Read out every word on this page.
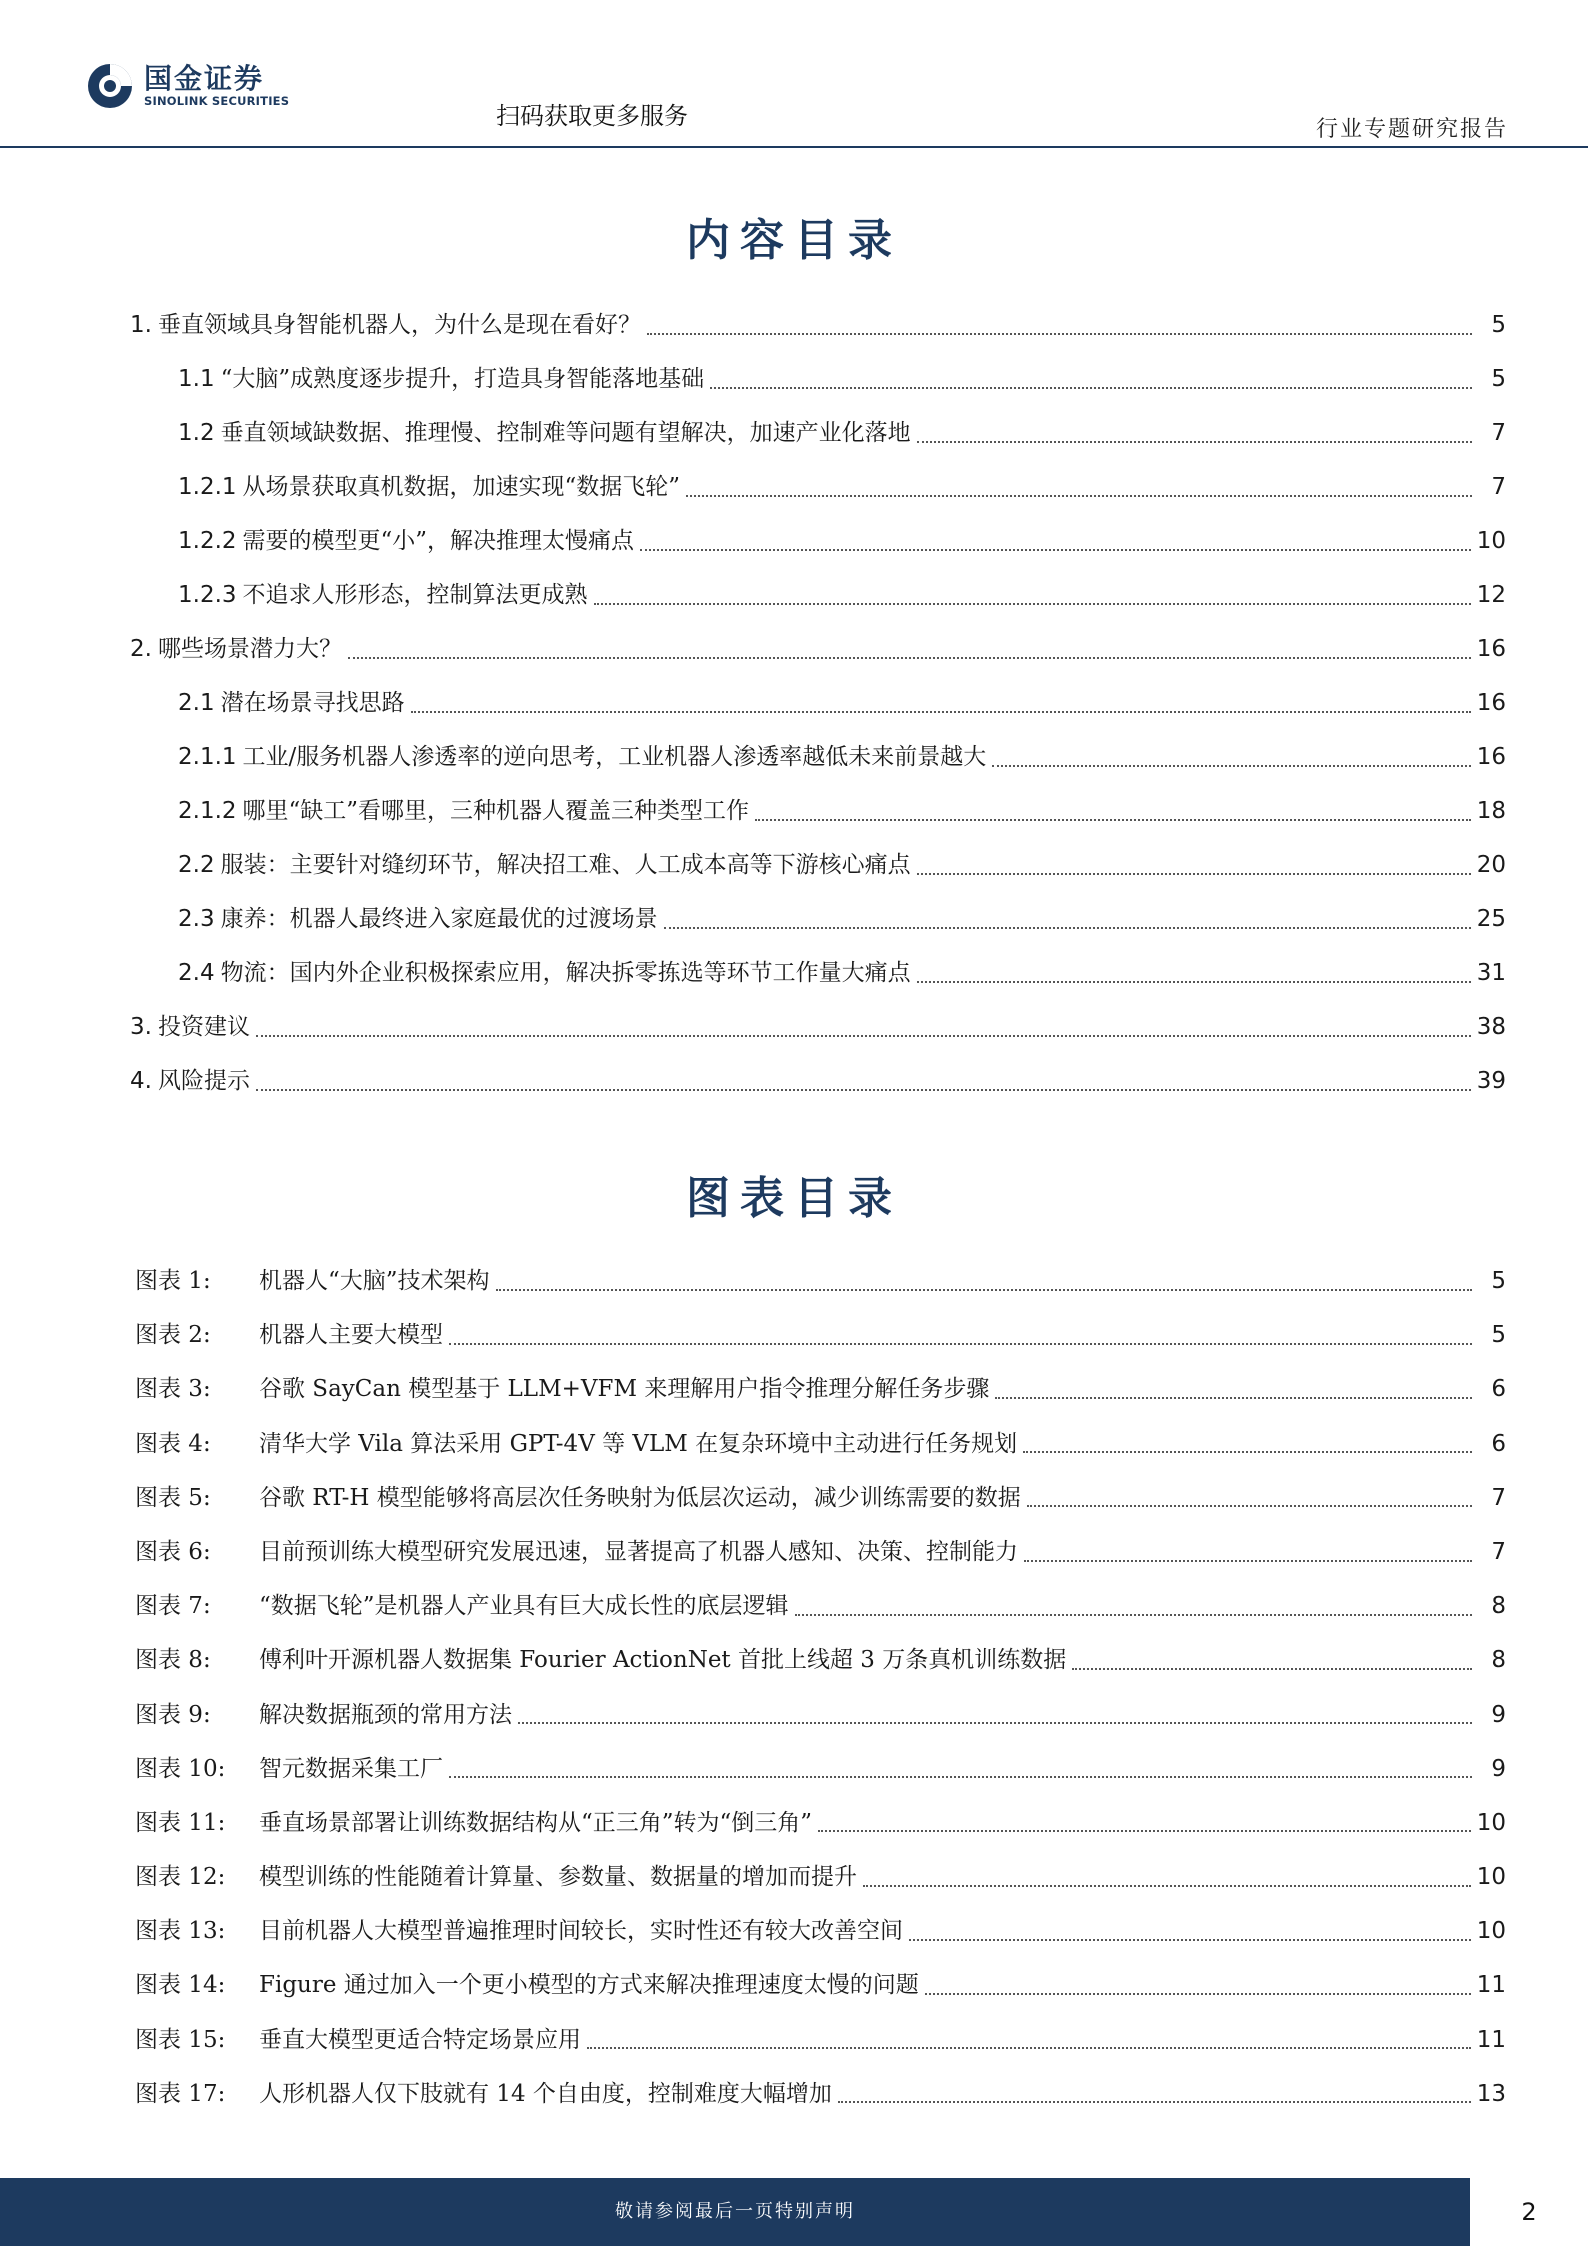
国金证券
SINOLINK SECURITIES
扫码获取更多服务	行业专题研究报告
内容目录
1. 垂直领域具身智能机器人，为什么是现在看好？	5
1.1 “大脑”成熟度逐步提升，打造具身智能落地基础	5
1.2 垂直领域缺数据、推理慢、控制难等问题有望解决，加速产业化落地	7
1.2.1 从场景获取真机数据，加速实现“数据飞轮”	7
1.2.2 需要的模型更“小”，解决推理太慢痛点	10
1.2.3 不追求人形形态，控制算法更成熟	12
2. 哪些场景潜力大？	16
2.1 潜在场景寻找思路	16
2.1.1 工业/服务机器人渗透率的逆向思考，工业机器人渗透率越低未来前景越大	16
2.1.2 哪里“缺工”看哪里，三种机器人覆盖三种类型工作	18
2.2 服装：主要针对缝纫环节，解决招工难、人工成本高等下游核心痛点	20
2.3 康养：机器人最终进入家庭最优的过渡场景	25
2.4 物流：国内外企业积极探索应用，解决拆零拣选等环节工作量大痛点	31
3. 投资建议	38
4. 风险提示	39
图表目录
图表 1:	机器人“大脑”技术架构	5
图表 2:	机器人主要大模型	5
图表 3:	谷歌 SayCan 模型基于 LLM+VFM 来理解用户指令推理分解任务步骤	6
图表 4:	清华大学 Vila 算法采用 GPT-4V 等 VLM 在复杂环境中主动进行任务规划	6
图表 5:	谷歌 RT-H 模型能够将高层次任务映射为低层次运动，减少训练需要的数据	7
图表 6:	目前预训练大模型研究发展迅速，显著提高了机器人感知、决策、控制能力	7
图表 7:	“数据飞轮”是机器人产业具有巨大成长性的底层逻辑	8
图表 8:	傅利叶开源机器人数据集 Fourier ActionNet 首批上线超 3 万条真机训练数据	8
图表 9:	解决数据瓶颈的常用方法	9
图表 10:	智元数据采集工厂	9
图表 11:	垂直场景部署让训练数据结构从“正三角”转为“倒三角”	10
图表 12:	模型训练的性能随着计算量、参数量、数据量的增加而提升	10
图表 13:	目前机器人大模型普遍推理时间较长，实时性还有较大改善空间	10
图表 14:	Figure 通过加入一个更小模型的方式来解决推理速度太慢的问题	11
图表 15:	垂直大模型更适合特定场景应用	11
图表 17:	人形机器人仅下肢就有 14 个自由度，控制难度大幅增加	13
敬请参阅最后一页特别声明	2
